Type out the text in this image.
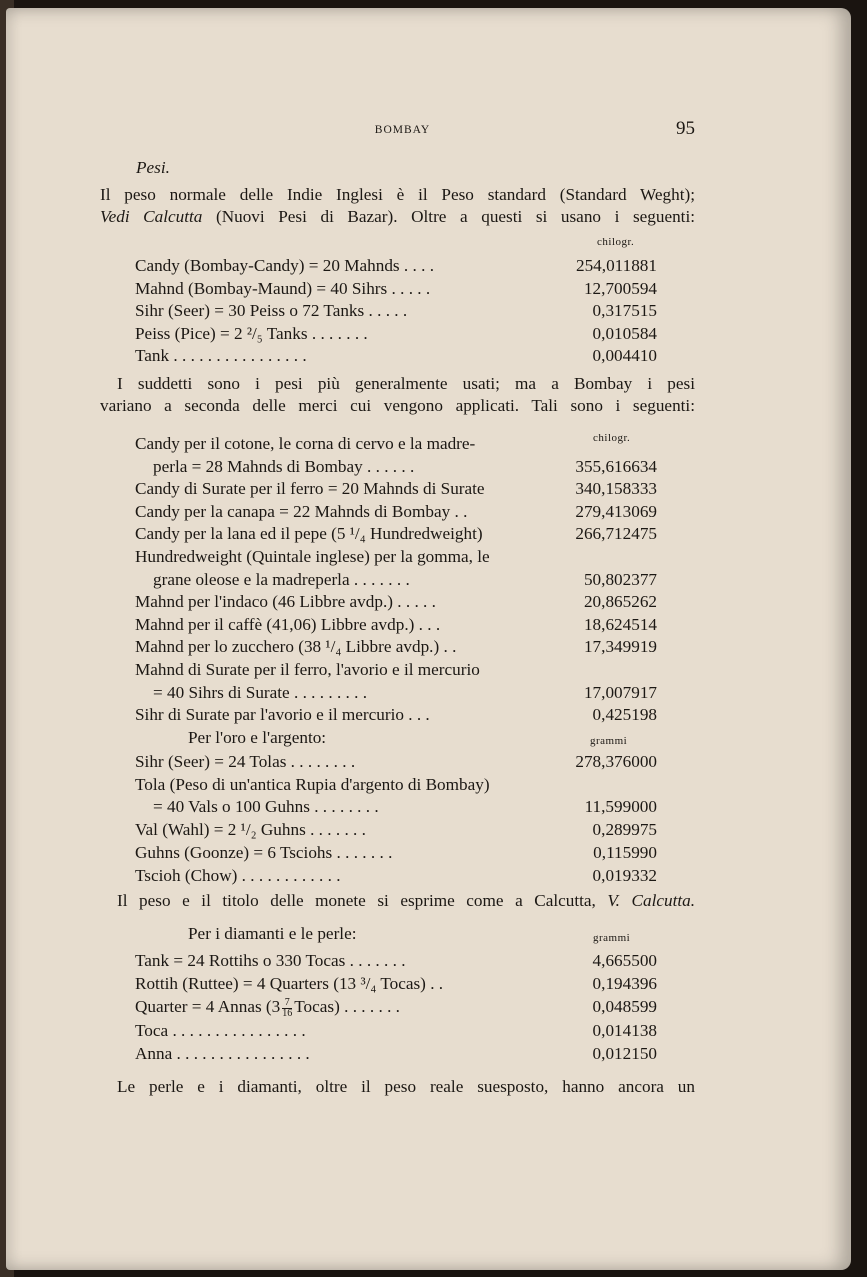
BOMBAY	95
Pesi.
Il peso normale delle Indie Inglesi è il Peso standard (Standard Weght);
Vedi Calcutta (Nuovi Pesi di Bazar). Oltre a questi si usano i seguenti:
chilogr.
Candy (Bombay-Candy) = 20 Mahnds . . . .	254,011881
Mahnd (Bombay-Maund) = 40 Sihrs . . . . .	12,700594
Sihr (Seer) = 30 Peiss o 72 Tanks . . . . .	0,317515
Peiss (Pice) = 2 ²/₅ Tanks . . . . . . .	0,010584
Tank . . . . . . . . . . . . . . . .	0,004410
I suddetti sono i pesi più generalmente usati; ma a Bombay i pesi
variano a seconda delle merci cui vengono applicati. Tali sono i seguenti:
chilogr.
Candy per il cotone, le corna di cervo e la madre-
perla = 28 Mahnds di Bombay . . . . . .	355,616634
Candy di Surate per il ferro = 20 Mahnds di Surate	340,158333
Candy per la canapa = 22 Mahnds di Bombay . .	279,413069
Candy per la lana ed il pepe (5 ¹/₄ Hundredweight)	266,712475
Hundredweight (Quintale inglese) per la gomma, le
grane oleose e la madreperla . . . . . . .	50,802377
Mahnd per l'indaco (46 Libbre avdp.) . . . . .	20,865262
Mahnd per il caffè (41,06) Libbre avdp.) . . .	18,624514
Mahnd per lo zucchero (38 ¹/₄ Libbre avdp.) . .	17,349919
Mahnd di Surate per il ferro, l'avorio e il mercurio
= 40 Sihrs di Surate . . . . . . . . .	17,007917
Sihr di Surate par l'avorio e il mercurio . . .	0,425198
Per l'oro e l'argento:	grammi
Sihr (Seer) = 24 Tolas . . . . . . . .	278,376000
Tola (Peso di un'antica Rupia d'argento di Bombay)
= 40 Vals o 100 Guhns . . . . . . . .	11,599000
Val (Wahl) = 2 ¹/₂ Guhns . . . . . . .	0,289975
Guhns (Goonze) = 6 Tsciohs . . . . . . .	0,115990
Tscioh (Chow) . . . . . . . . . . . .	0,019332
Il peso e il titolo delle monete si esprime come a Calcutta, V. Calcutta.
Per i diamanti e le perle:	grammi
Tank = 24 Rottihs o 330 Tocas . . . . . . .	4,665500
Rottih (Ruttee) = 4 Quarters (13 ³/₄ Tocas) . .	0,194396
Quarter = 4 Annas ($3 \frac{7}{16}$ Tocas) . . . . . . .	0,048599
Toca . . . . . . . . . . . . . . . .	0,014138
Anna . . . . . . . . . . . . . . . .	0,012150
Le perle e i diamanti, oltre il peso reale suesposto, hanno ancora un
